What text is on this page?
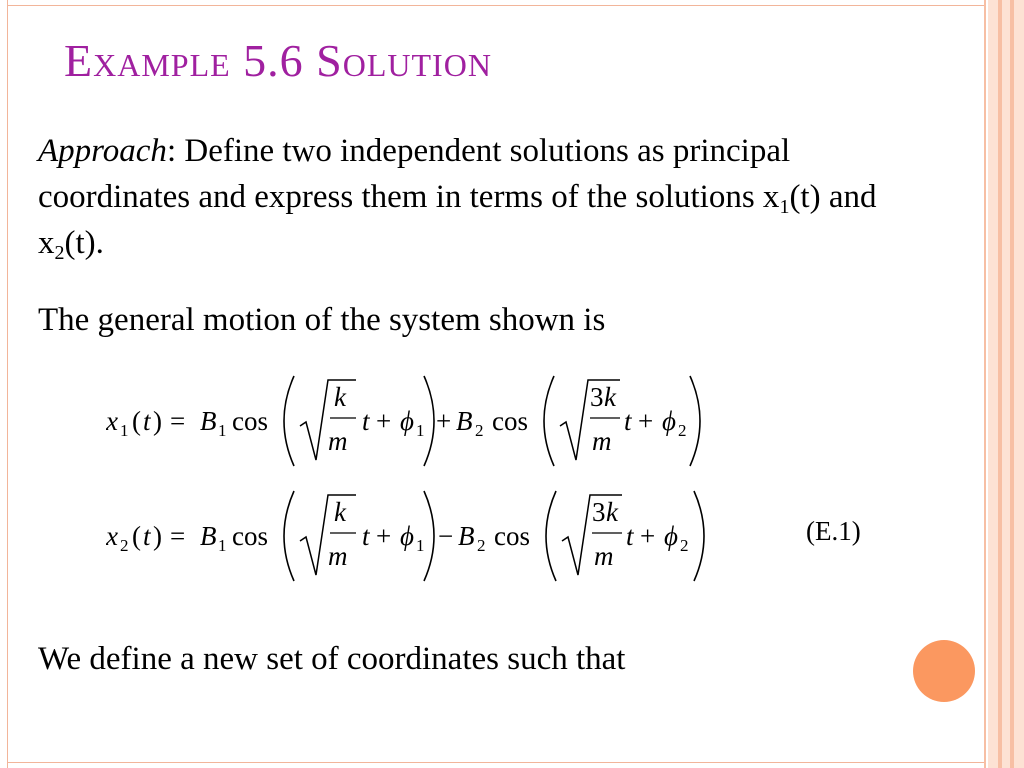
Example 5.6 Solution
Approach: Define two independent solutions as principal coordinates and express them in terms of the solutions $x_1(t)$ and $x_2(t)$.
The general motion of the system shown is
x 1 ( t ) = B 1 cos
k
m
t + ϕ 1 + B 2 cos
3 k
m
t + ϕ 2
x 2 ( t ) = B 1 cos
k
m
t + ϕ 1 − B 2 cos
3 k
m
t + ϕ 2	(E.1)
We define a new set of coordinates such that
